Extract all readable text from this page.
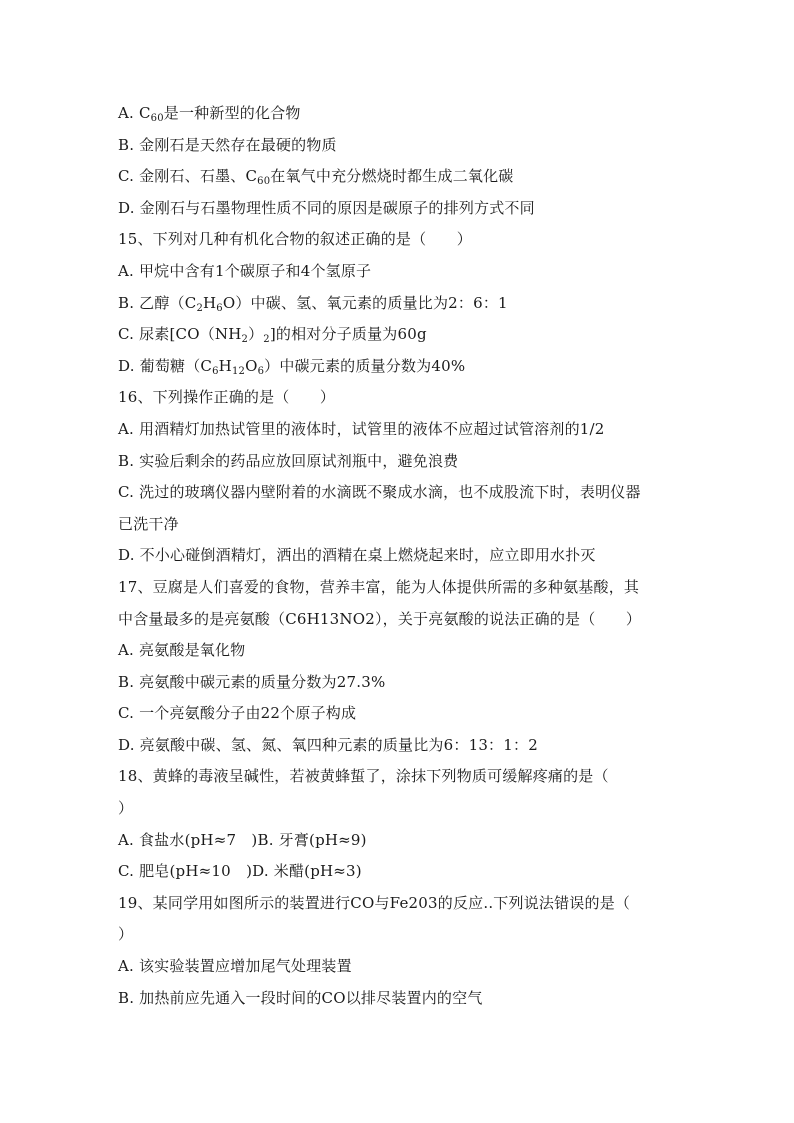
A. $C_{60}$是一种新型的化合物
B. 金刚石是天然存在最硬的物质
C. 金刚石、石墨、$C_{60}$在氧气中充分燃烧时都生成二氧化碳
D. 金刚石与石墨物理性质不同的原因是碳原子的排列方式不同
15、下列对几种有机化合物的叙述正确的是（　　）
A. 甲烷中含有1个碳原子和4个氢原子
B. 乙醇$(C_2H_6O)$中碳、氢、氧元素的质量比为2：6：1
C. 尿素$[CO(NH_2)_2]$的相对分子质量为60g
D. 葡萄糖$(C_6H_{12}O_6)$中碳元素的质量分数为40%
16、下列操作正确的是（　　）
A. 用酒精灯加热试管里的液体时，试管里的液体不应超过试管溶剂的1/2
B. 实验后剩余的药品应放回原试剂瓶中，避免浪费
C. 洗过的玻璃仪器内壁附着的水滴既不聚成水滴，也不成股流下时，表明仪器
已洗干净
D. 不小心碰倒酒精灯，洒出的酒精在桌上燃烧起来时，应立即用水扑灭
17、豆腐是人们喜爱的食物，营养丰富，能为人体提供所需的多种氨基酸，其
中含量最多的是亮氨酸（C6H13NO2），关于亮氨酸的说法正确的是（　　）
A. 亮氨酸是氧化物
B. 亮氨酸中碳元素的质量分数为27.3%
C. 一个亮氨酸分子由22个原子构成
D. 亮氨酸中碳、氢、氮、氧四种元素的质量比为6：13：1：2
18、黄蜂的毒液呈碱性，若被黄蜂蜇了，涂抹下列物质可缓解疼痛的是（
）
A. 食盐水(pH≈7　)B. 牙膏(pH≈9)
C. 肥皂(pH≈10　)D. 米醋(pH≈3)
19、某同学用如图所示的装置进行CO与Fe203的反应..下列说法错误的是（
）
A. 该实验装置应增加尾气处理装置
B. 加热前应先通入一段时间的CO以排尽装置内的空气
